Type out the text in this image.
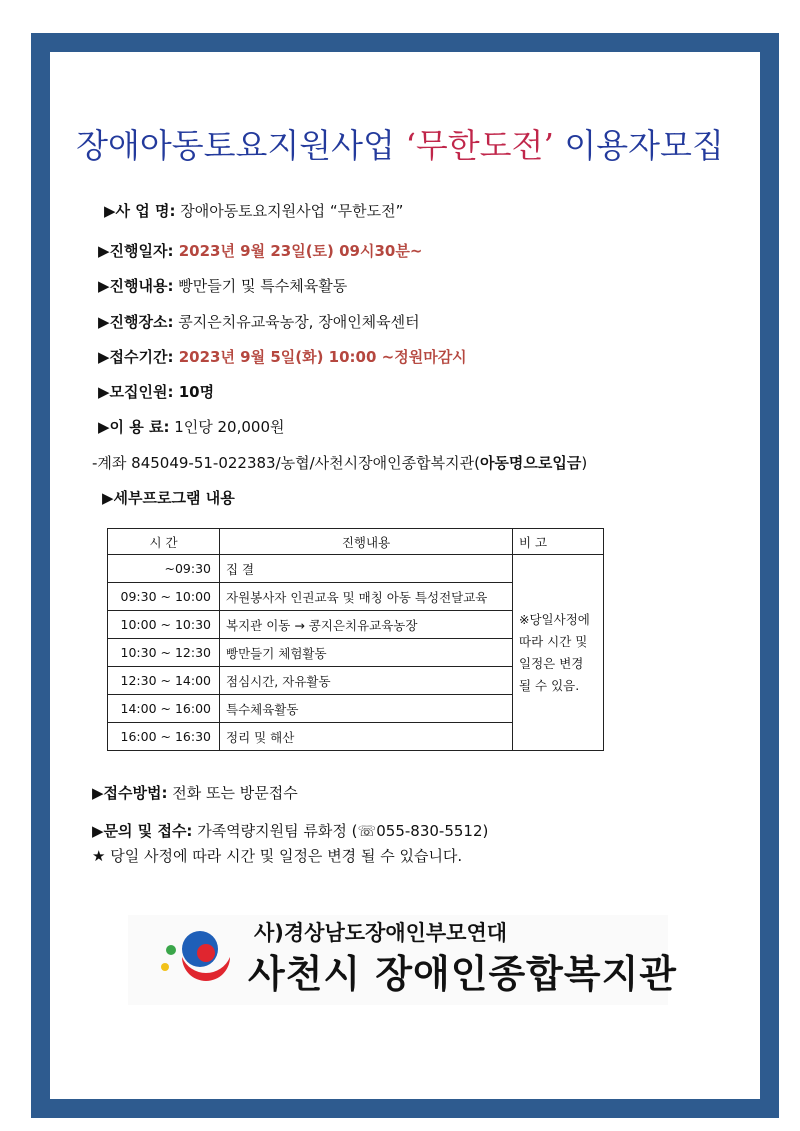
장애아동토요지원사업 ‘무한도전’ 이용자모집
▶사 업 명: 장애아동토요지원사업 “무한도전”
▶진행일자: 2023년 9월 23일(토) 09시30분~
▶진행내용: 빵만들기 및 특수체육활동
▶진행장소: 콩지은치유교육농장, 장애인체육센터
▶접수기간: 2023년 9월 5일(화) 10:00 ~정원마감시
▶모집인원: 10명
▶이 용 료: 1인당 20,000원
-계좌 845049-51-022383/농협/사천시장애인종합복지관(아동명으로입금)
▶세부프로그램 내용
시 간	진행내용	비 고
~09:30	집 결	※당일사정에 따라 시간 및 일정은 변경 될 수 있음.
09:30 ~ 10:00	자원봉사자 인권교육 및 매칭 아동 특성전달교육	
10:00 ~ 10:30	복지관 이동 → 콩지은치유교육농장	
10:30 ~ 12:30	빵만들기 체험활동	
12:30 ~ 14:00	점심시간, 자유활동	
14:00 ~ 16:00	특수체육활동	
16:00 ~ 16:30	정리 및 해산	
▶접수방법: 전화 또는 방문접수
▶문의 및 접수: 가족역량지원팀 류화정 (☏055-830-5512)
★ 당일 사정에 따라 시간 및 일정은 변경 될 수 있습니다.
사)경상남도장애인부모연대
사천시 장애인종합복지관
